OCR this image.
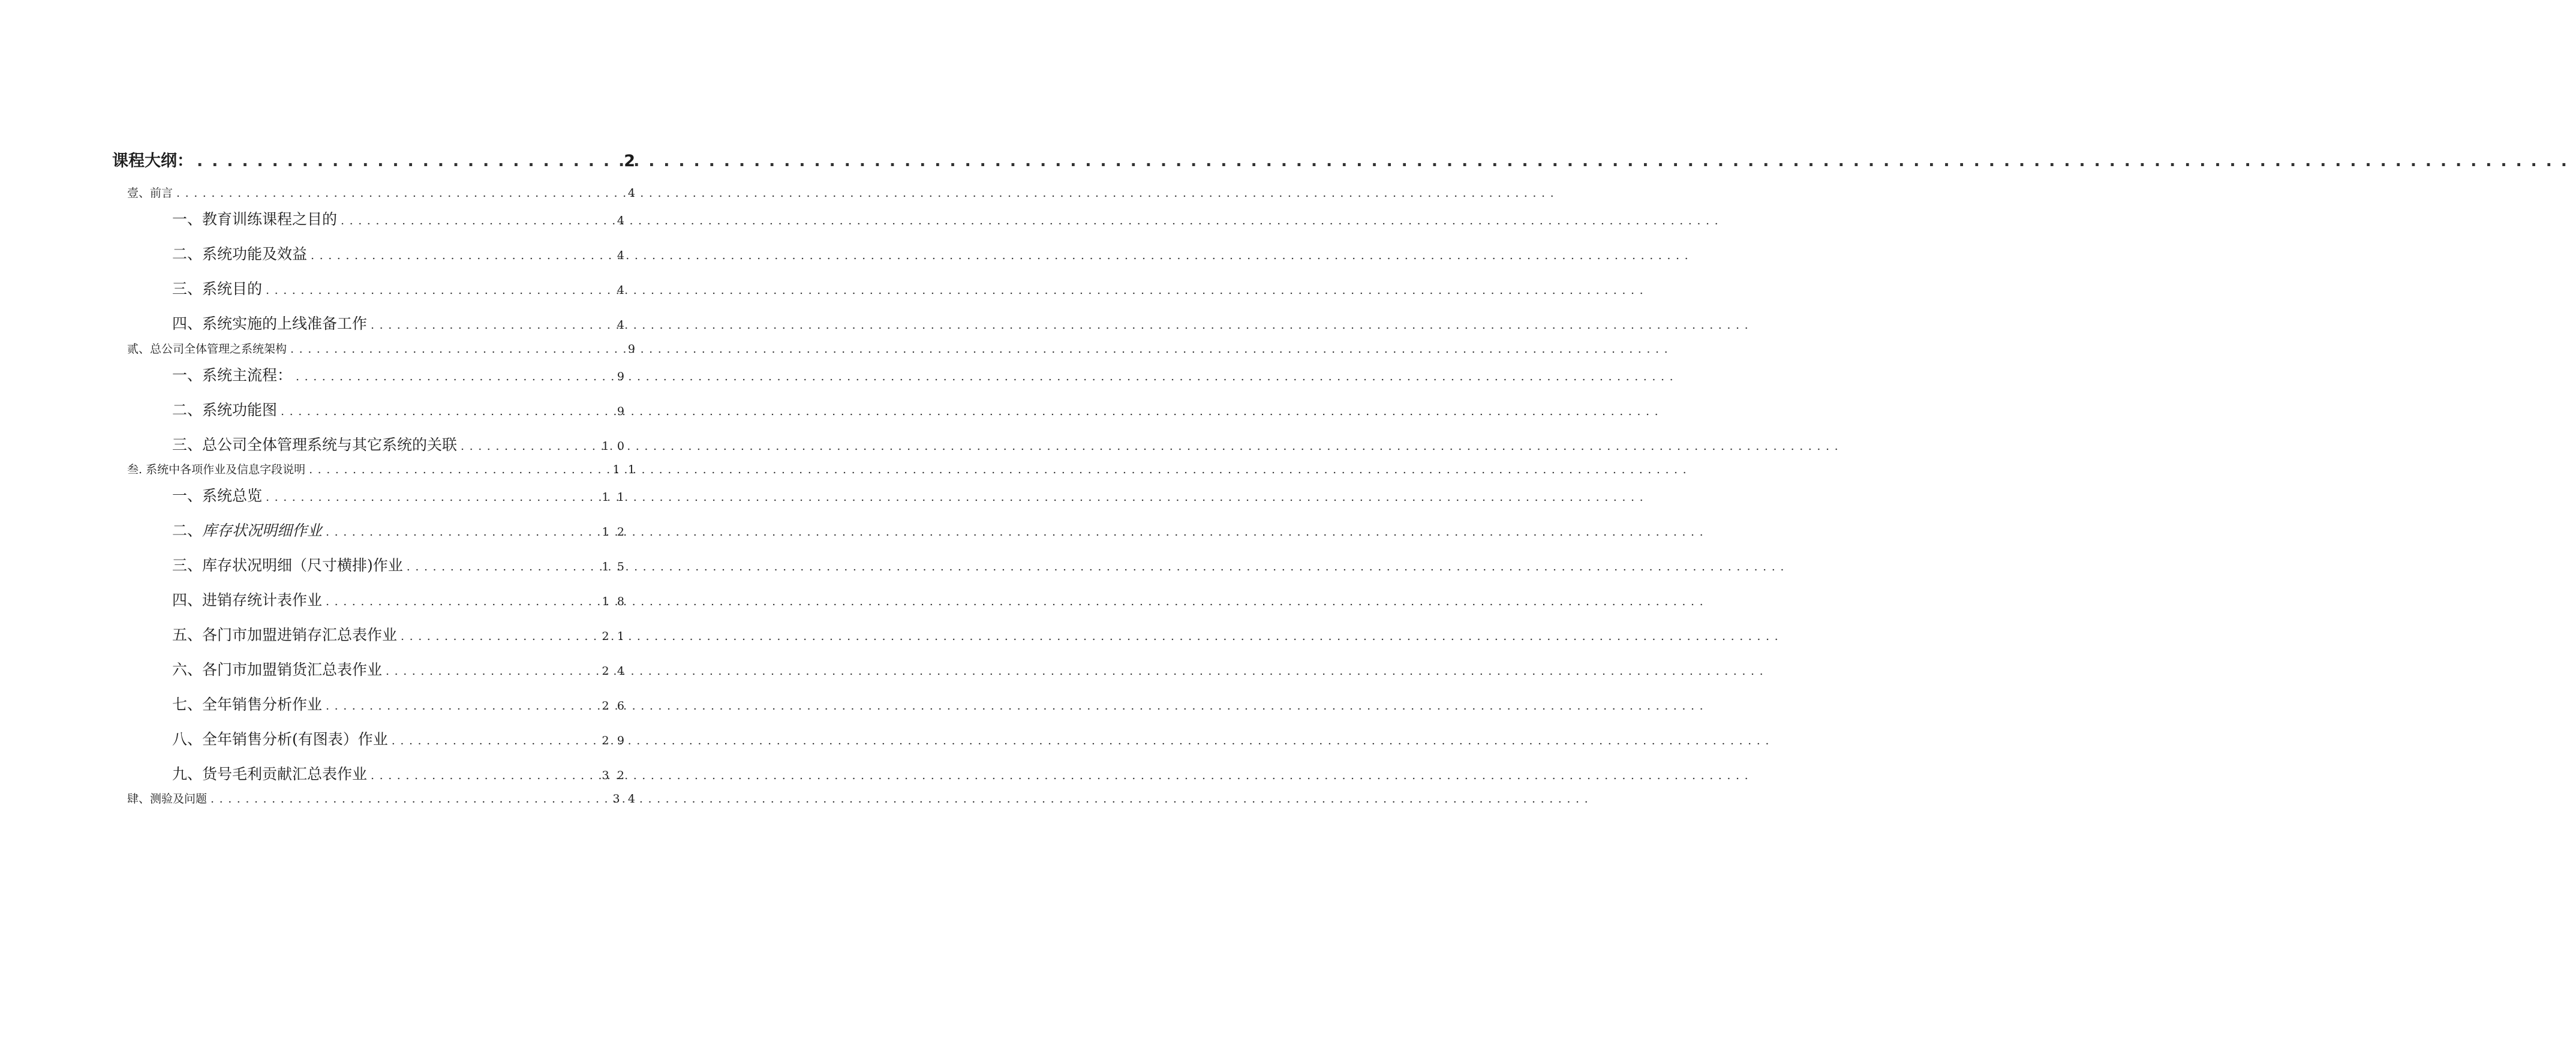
课程大纲： .....	2
壹、前言 .....	4
一、教育训练课程之目的 .....	4
二、系统功能及效益 .....	4
三、系统目的 .....	4
四、系统实施的上线准备工作 .....	4
贰、总公司全体管理之系统架构 .....	9
一、系统主流程： .....	9
二、系统功能图 .....	9
三、总公司全体管理系统与其它系统的关联 .....	10
叁. 系统中各项作业及信息字段说明 .....	11
一、系统总览 .....	11
二、库存状况明细作业 .....	12
三、库存状况明细（尺寸横排)作业 .....	15
四、进销存统计表作业 .....	18
五、各门市加盟进销存汇总表作业 .....	21
六、各门市加盟销货汇总表作业 .....	24
七、全年销售分析作业 .....	26
八、全年销售分析(有图表）作业 .....	29
九、货号毛利贡献汇总表作业 .....	32
肆、测验及问题 .....	34
